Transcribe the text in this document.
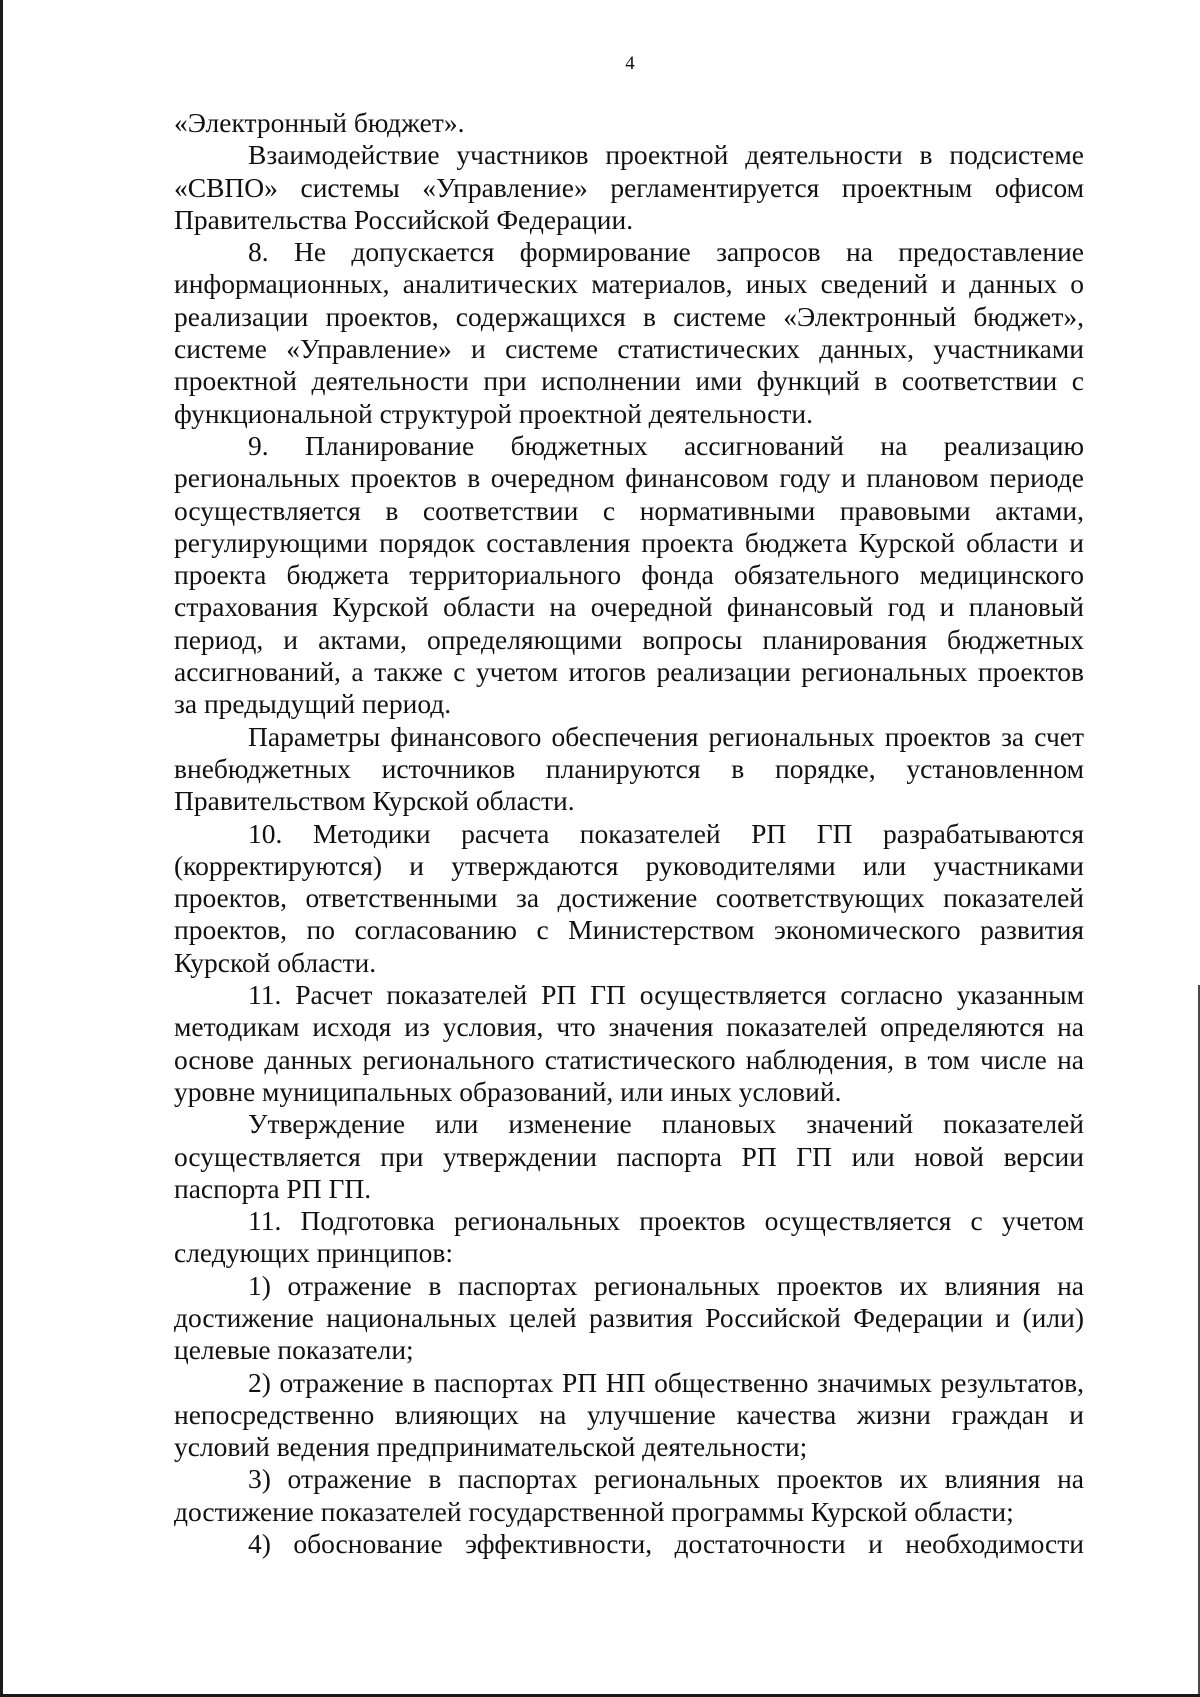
4

«Электронный бюджет».

Взаимодействие участников проектной деятельности в подсистеме «СВПО» системы «Управление» регламентируется проектным офисом Правительства Российской Федерации.

8. Не допускается формирование запросов на предоставление информационных, аналитических материалов, иных сведений и данных о реализации проектов, содержащихся в системе «Электронный бюджет», системе «Управление» и системе статистических данных, участниками проектной деятельности при исполнении ими функций в соответствии с функциональной структурой проектной деятельности.

9. Планирование бюджетных ассигнований на реализацию региональных проектов в очередном финансовом году и плановом периоде осуществляется в соответствии с нормативными правовыми актами, регулирующими порядок составления проекта бюджета Курской области и проекта бюджета территориального фонда обязательного медицинского страхования Курской области на очередной финансовый год и плановый период, и актами, определяющими вопросы планирования бюджетных ассигнований, а также с учетом итогов реализации региональных проектов за предыдущий период.

Параметры финансового обеспечения региональных проектов за счет внебюджетных источников планируются в порядке, установленном Правительством Курской области.

10. Методики расчета показателей РП ГП разрабатываются (корректируются) и утверждаются руководителями или участниками проектов, ответственными за достижение соответствующих показателей проектов, по согласованию с Министерством экономического развития Курской области.

11. Расчет показателей РП ГП осуществляется согласно указанным методикам исходя из условия, что значения показателей определяются на основе данных регионального статистического наблюдения, в том числе на уровне муниципальных образований, или иных условий.

Утверждение или изменение плановых значений показателей осуществляется при утверждении паспорта РП ГП или новой версии паспорта РП ГП.

11. Подготовка региональных проектов осуществляется с учетом следующих принципов:

1) отражение в паспортах региональных проектов их влияния на достижение национальных целей развития Российской Федерации и (или) целевые показатели;

2) отражение в паспортах РП НП общественно значимых результатов, непосредственно влияющих на улучшение качества жизни граждан и условий ведения предпринимательской деятельности;

3) отражение в паспортах региональных проектов их влияния на достижение показателей государственной программы Курской области;

4) обоснование эффективности, достаточности и необходимости
